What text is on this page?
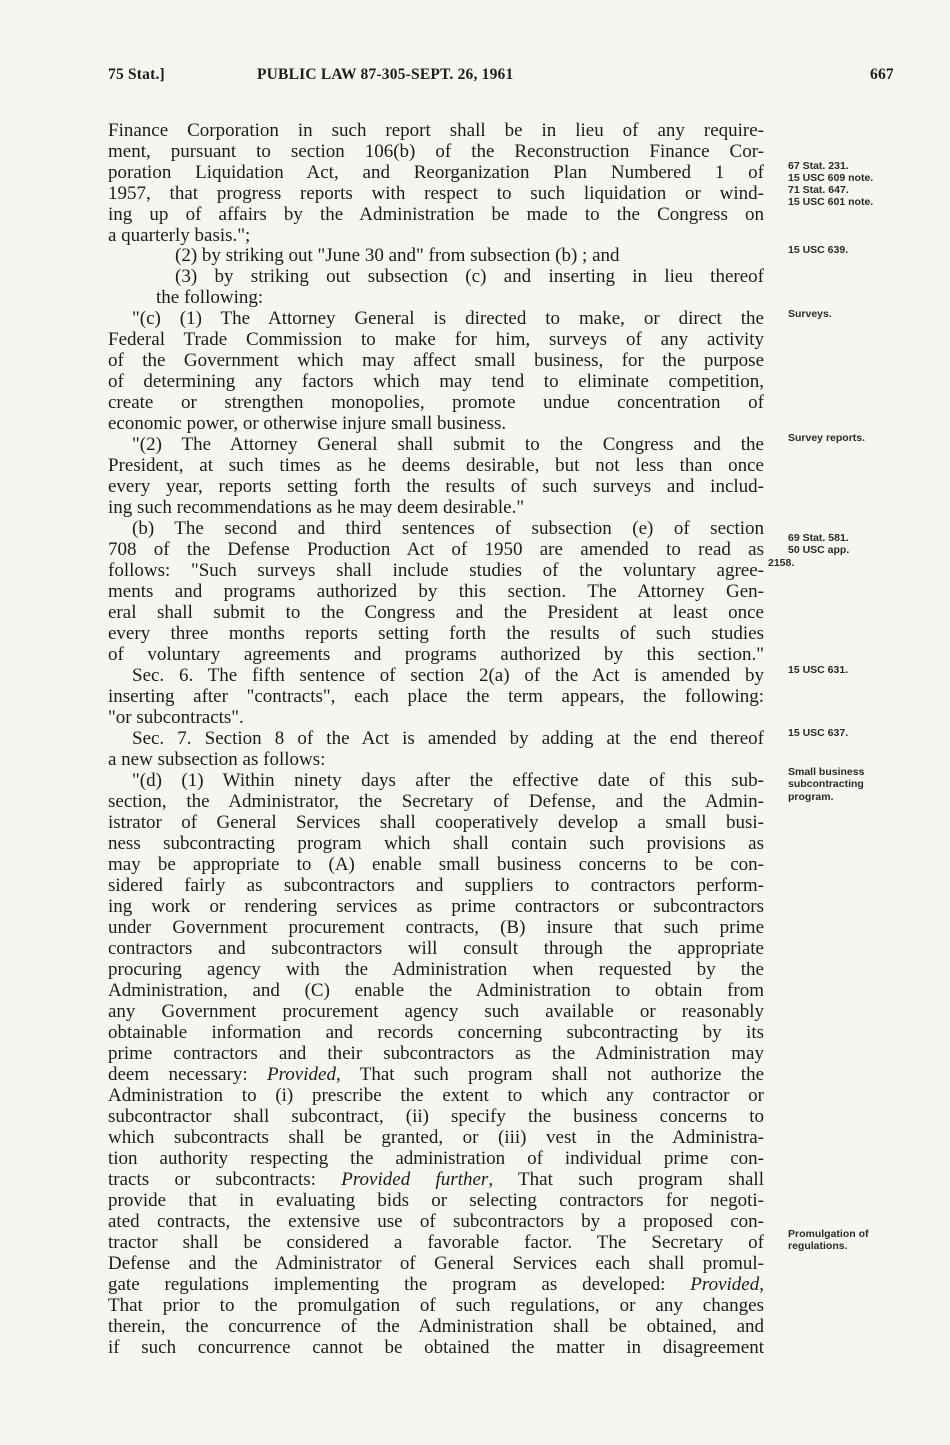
75 Stat.]	PUBLIC LAW 87-305-SEPT. 26, 1961	667
Finance Corporation in such report shall be in lieu of any require-
ment, pursuant to section 106(b) of the Reconstruction Finance Cor-
poration Liquidation Act, and Reorganization Plan Numbered 1 of
1957, that progress reports with respect to such liquidation or wind-
ing up of affairs by the Administration be made to the Congress on
a quarterly basis.";
(2) by striking out "June 30 and" from subsection (b) ; and
(3) by striking out subsection (c) and inserting in lieu thereof
the following:
"(c) (1) The Attorney General is directed to make, or direct the
Federal Trade Commission to make for him, surveys of any activity
of the Government which may affect small business, for the purpose
of determining any factors which may tend to eliminate competition,
create or strengthen monopolies, promote undue concentration of
economic power, or otherwise injure small business.
"(2) The Attorney General shall submit to the Congress and the
President, at such times as he deems desirable, but not less than once
every year, reports setting forth the results of such surveys and includ-
ing such recommendations as he may deem desirable."
(b) The second and third sentences of subsection (e) of section
708 of the Defense Production Act of 1950 are amended to read as
follows: "Such surveys shall include studies of the voluntary agree-
ments and programs authorized by this section. The Attorney Gen-
eral shall submit to the Congress and the President at least once
every three months reports setting forth the results of such studies
of voluntary agreements and programs authorized by this section."
Sec. 6. The fifth sentence of section 2(a) of the Act is amended by
inserting after "contracts", each place the term appears, the following:
"or subcontracts".
Sec. 7. Section 8 of the Act is amended by adding at the end thereof
a new subsection as follows:
"(d) (1) Within ninety days after the effective date of this sub-
section, the Administrator, the Secretary of Defense, and the Admin-
istrator of General Services shall cooperatively develop a small busi-
ness subcontracting program which shall contain such provisions as
may be appropriate to (A) enable small business concerns to be con-
sidered fairly as subcontractors and suppliers to contractors perform-
ing work or rendering services as prime contractors or subcontractors
under Government procurement contracts, (B) insure that such prime
contractors and subcontractors will consult through the appropriate
procuring agency with the Administration when requested by the
Administration, and (C) enable the Administration to obtain from
any Government procurement agency such available or reasonably
obtainable information and records concerning subcontracting by its
prime contractors and their subcontractors as the Administration may
deem necessary: Provided, That such program shall not authorize the
Administration to (i) prescribe the extent to which any contractor or
subcontractor shall subcontract, (ii) specify the business concerns to
which subcontracts shall be granted, or (iii) vest in the Administra-
tion authority respecting the administration of individual prime con-
tracts or subcontracts: Provided further, That such program shall
provide that in evaluating bids or selecting contractors for negoti-
ated contracts, the extensive use of subcontractors by a proposed con-
tractor shall be considered a favorable factor. The Secretary of
Defense and the Administrator of General Services each shall promul-
gate regulations implementing the program as developed: Provided,
That prior to the promulgation of such regulations, or any changes
therein, the concurrence of the Administration shall be obtained, and
if such concurrence cannot be obtained the matter in disagreement
67 Stat. 231.
15 USC 609 note.
71 Stat. 647.
15 USC 601 note.
15 USC 639.
Surveys.
Survey reports.
69 Stat. 581.
50 USC app.
2158.
15 USC 631.
15 USC 637.
Small business
subcontracting
program.
Promulgation of
regulations.
